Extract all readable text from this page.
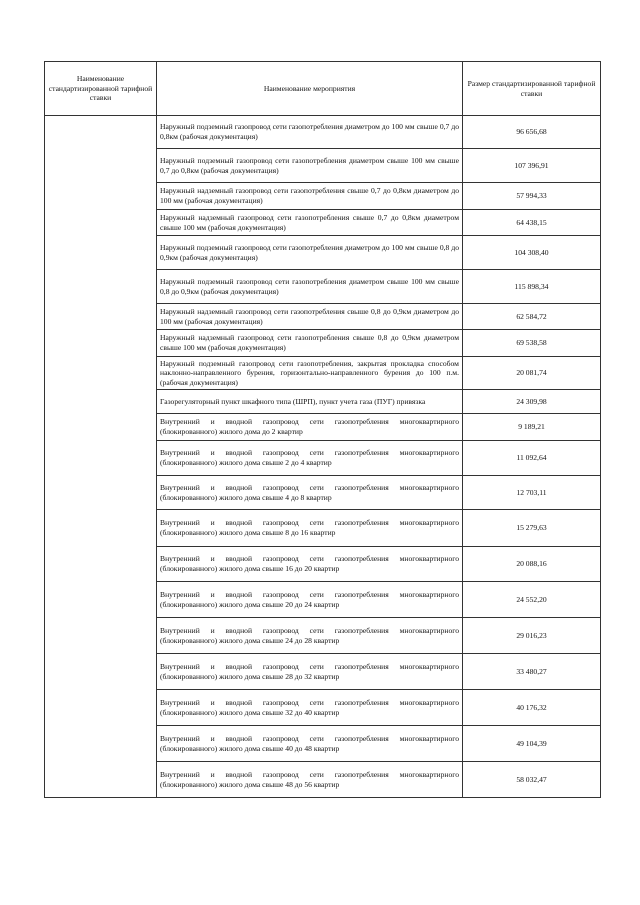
Наименование стандартизированной тарифной ставки	Наименование мероприятия	Размер стандартизированной тарифной ставки
	Наружный подземный газопровод сети газопотребления диаметром до 100 мм свыше 0,7 до 0,8км (рабочая документация)	96 656,68
	Наружный подземный газопровод сети газопотребления диаметром свыше 100 мм свыше 0,7 до 0,8км (рабочая документация)	107 396,91
	Наружный надземный газопровод сети газопотребления свыше 0,7 до 0,8км диаметром до 100 мм (рабочая документация)	57 994,33
	Наружный надземный газопровод сети газопотребления свыше 0,7 до 0,8км диаметром свыше 100 мм (рабочая документация)	64 438,15
	Наружный подземный газопровод сети газопотребления диаметром до 100 мм свыше 0,8 до 0,9км (рабочая документация)	104 308,40
	Наружный подземный газопровод сети газопотребления диаметром свыше 100 мм свыше 0,8 до 0,9км (рабочая документация)	115 898,34
	Наружный надземный газопровод сети газопотребления свыше 0,8 до 0,9км диаметром до 100 мм (рабочая документация)	62 584,72
	Наружный надземный газопровод сети газопотребления свыше 0,8 до 0,9км диаметром свыше 100 мм (рабочая документация)	69 538,58
	Наружный подземный газопровод сети газопотребления, закрытая прокладка способом наклонно-направленного бурения, горизонтально-направленного бурения до 100 п.м. (рабочая документация)	20 081,74
	Газорегуляторный пункт шкафного типа (ШРП), пункт учета газа (ПУГ) привязка	24 309,98
	Внутренний и вводной газопровод сети газопотребления многоквартирного (блокированного) жилого дома до 2 квартир	9 189,21
	Внутренний и вводной газопровод сети газопотребления многоквартирного (блокированного) жилого дома свыше 2 до 4 квартир	11 092,64
	Внутренний и вводной газопровод сети газопотребления многоквартирного (блокированного) жилого дома свыше 4 до 8 квартир	12 703,11
	Внутренний и вводной газопровод сети газопотребления многоквартирного (блокированного) жилого дома свыше 8 до 16 квартир	15 279,63
	Внутренний и вводной газопровод сети газопотребления многоквартирного (блокированного) жилого дома свыше 16 до 20 квартир	20 088,16
	Внутренний и вводной газопровод сети газопотребления многоквартирного (блокированного) жилого дома свыше 20 до 24 квартир	24 552,20
	Внутренний и вводной газопровод сети газопотребления многоквартирного (блокированного) жилого дома свыше 24 до 28 квартир	29 016,23
	Внутренний и вводной газопровод сети газопотребления многоквартирного (блокированного) жилого дома свыше 28 до 32 квартир	33 480,27
	Внутренний и вводной газопровод сети газопотребления многоквартирного (блокированного) жилого дома свыше 32 до 40 квартир	40 176,32
	Внутренний и вводной газопровод сети газопотребления многоквартирного (блокированного) жилого дома свыше 40 до 48 квартир	49 104,39
	Внутренний и вводной газопровод сети газопотребления многоквартирного (блокированного) жилого дома свыше 48 до 56 квартир	58 032,47
